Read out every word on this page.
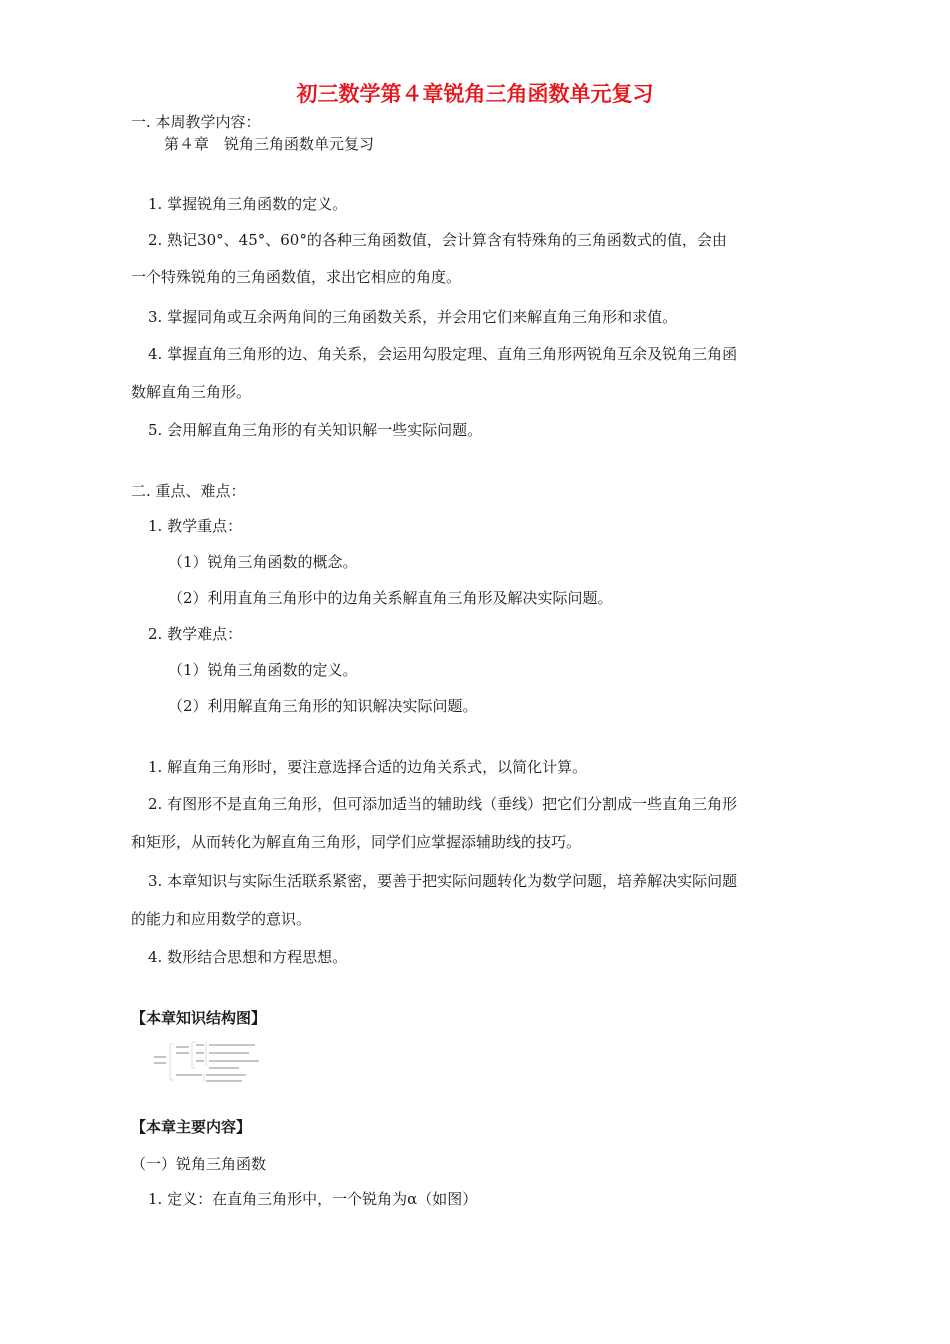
初三数学第４章锐角三角函数单元复习
一. 本周教学内容：
第４章　锐角三角函数单元复习
1. 掌握锐角三角函数的定义。
2. 熟记30°、45°、60°的各种三角函数值，会计算含有特殊角的三角函数式的值，会由
一个特殊锐角的三角函数值，求出它相应的角度。
3. 掌握同角或互余两角间的三角函数关系，并会用它们来解直角三角形和求值。
4. 掌握直角三角形的边、角关系，会运用勾股定理、直角三角形两锐角互余及锐角三角函
数解直角三角形。
5. 会用解直角三角形的有关知识解一些实际问题。
二. 重点、难点：
1. 教学重点：
（1）锐角三角函数的概念。
（2）利用直角三角形中的边角关系解直角三角形及解决实际问题。
2. 教学难点：
（1）锐角三角函数的定义。
（2）利用解直角三角形的知识解决实际问题。
1. 解直角三角形时，要注意选择合适的边角关系式，以简化计算。
2. 有图形不是直角三角形，但可添加适当的辅助线（垂线）把它们分割成一些直角三角形
和矩形，从而转化为解直角三角形，同学们应掌握添辅助线的技巧。
3. 本章知识与实际生活联系紧密，要善于把实际问题转化为数学问题，培养解决实际问题
的能力和应用数学的意识。
4. 数形结合思想和方程思想。
【本章知识结构图】
【本章主要内容】
（一）锐角三角函数
1. 定义：在直角三角形中，一个锐角为α（如图）
